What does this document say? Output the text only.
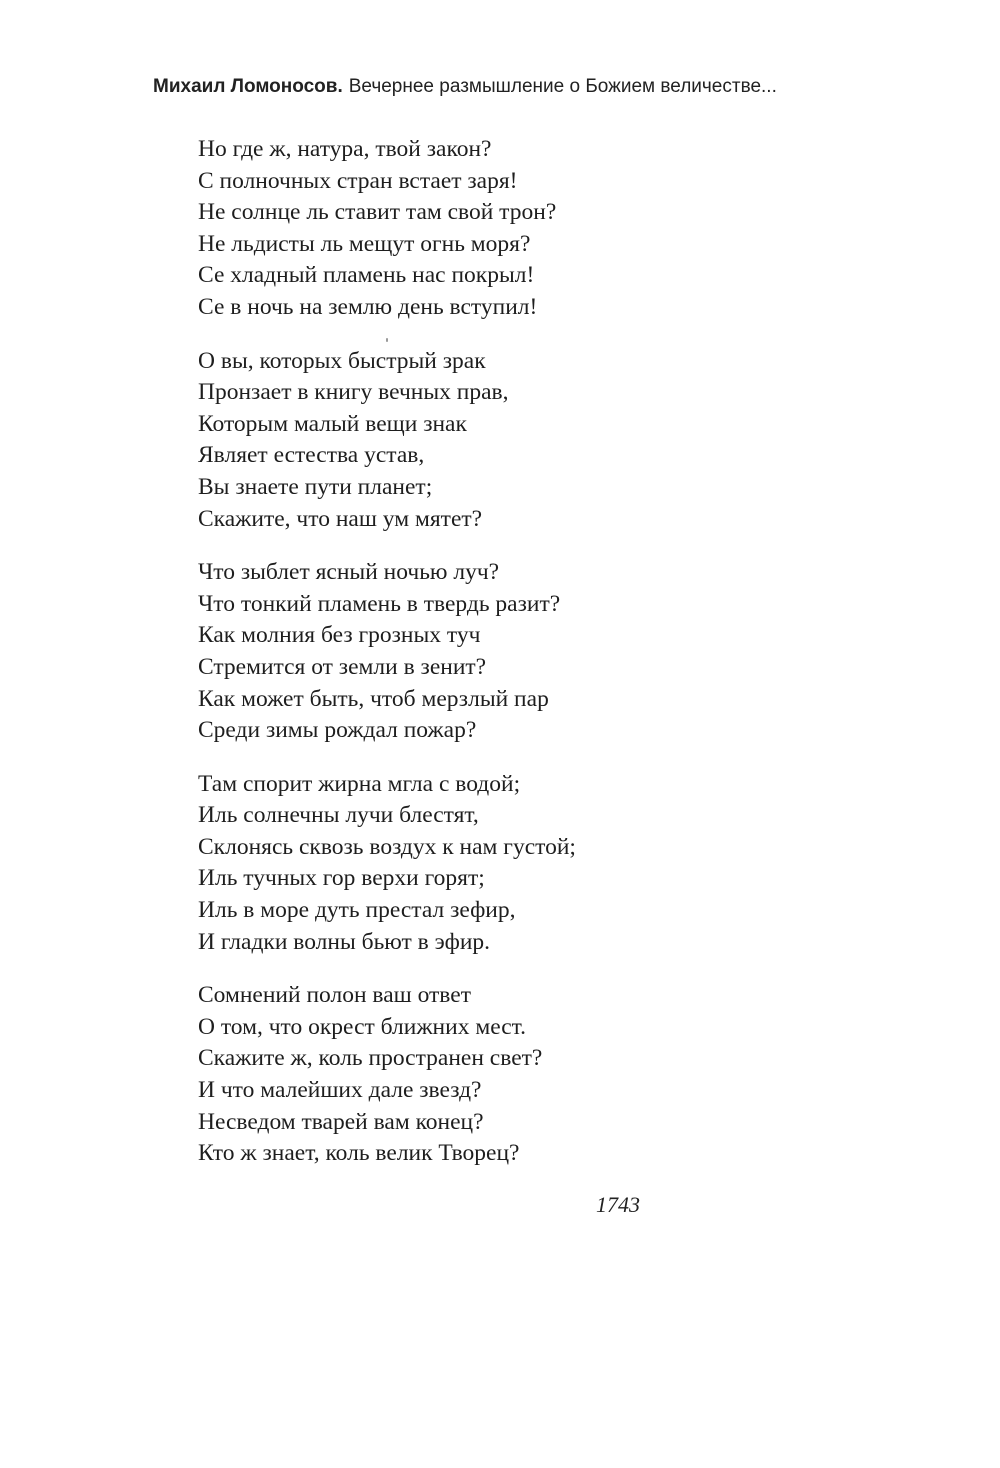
Михаил Ломоносов. Вечернее размышление о Божием величестве...
Но где ж, натура, твой закон?
С полночных стран встает заря!
Не солнце ль ставит там свой трон?
Не льдисты ль мещут огнь моря?
Се хладный пламень нас покрыл!
Се в ночь на землю день вступил!
О вы, которых быстрый зрак
Пронзает в книгу вечных прав,
Которым малый вещи знак
Являет естества устав,
Вы знаете пути планет;
Скажите, что наш ум мятет?
Что зыблет ясный ночью луч?
Что тонкий пламень в твердь разит?
Как молния без грозных туч
Стремится от земли в зенит?
Как может быть, чтоб мерзлый пар
Среди зимы рождал пожар?
Там спорит жирна мгла с водой;
Иль солнечны лучи блестят,
Склонясь сквозь воздух к нам густой;
Иль тучных гор верхи горят;
Иль в море дуть престал зефир,
И гладки волны бьют в эфир.
Сомнений полон ваш ответ
О том, что окрест ближних мест.
Скажите ж, коль пространен свет?
И что малейших дале звезд?
Несведом тварей вам конец?
Кто ж знает, коль велик Творец?
1743
